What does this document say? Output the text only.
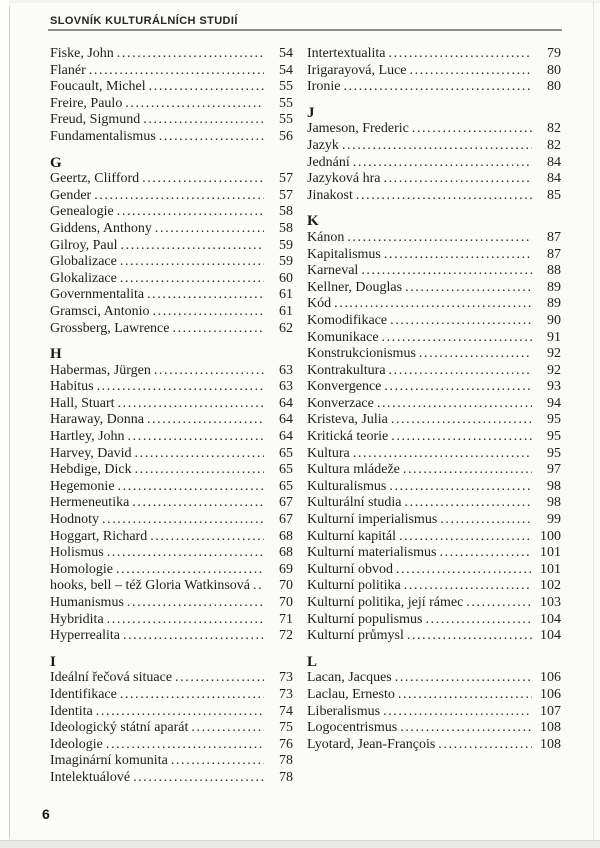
SLOVNÍK KULTURÁLNÍCH STUDIÍ
Fiske, John .....	54
Flanér .....	54
Foucault, Michel .....	55
Freire, Paulo .....	55
Freud, Sigmund .....	55
Fundamentalismus .....	56
G
Geertz, Clifford .....	57
Gender .....	57
Genealogie .....	58
Giddens, Anthony .....	58
Gilroy, Paul .....	59
Globalizace .....	59
Glokalizace .....	60
Governmentalita .....	61
Gramsci, Antonio .....	61
Grossberg, Lawrence .....	62
H
Habermas, Jürgen .....	63
Habitus .....	63
Hall, Stuart .....	64
Haraway, Donna .....	64
Hartley, John .....	64
Harvey, David .....	65
Hebdige, Dick .....	65
Hegemonie .....	65
Hermeneutika .....	67
Hodnoty .....	67
Hoggart, Richard .....	68
Holismus .....	68
Homologie .....	69
hooks, bell – též Gloria Watkinsová .....	70
Humanismus .....	70
Hybridita .....	71
Hyperrealita .....	72
I
Ideální řečová situace .....	73
Identifikace .....	73
Identita .....	74
Ideologický státní aparát .....	75
Ideologie .....	76
Imaginární komunita .....	78
Intelektuálové .....	78
Intertextualita .....	79
Irigarayová, Luce .....	80
Ironie .....	80
J
Jameson, Frederic .....	82
Jazyk .....	82
Jednání .....	84
Jazyková hra .....	84
Jinakost .....	85
K
Kánon .....	87
Kapitalismus .....	87
Karneval .....	88
Kellner, Douglas .....	89
Kód .....	89
Komodifikace .....	90
Komunikace .....	91
Konstrukcionismus .....	92
Kontrakultura .....	92
Konvergence .....	93
Konverzace .....	94
Kristeva, Julia .....	95
Kritická teorie .....	95
Kultura .....	95
Kultura mládeže .....	97
Kulturalismus .....	98
Kulturální studia .....	98
Kulturní imperialismus .....	99
Kulturní kapitál .....	100
Kulturní materialismus .....	101
Kulturní obvod .....	101
Kulturní politika .....	102
Kulturní politika, její rámec .....	103
Kulturní populismus .....	104
Kulturní průmysl .....	104
L
Lacan, Jacques .....	106
Laclau, Ernesto .....	106
Liberalismus .....	107
Logocentrismus .....	108
Lyotard, Jean-François .....	108
6
